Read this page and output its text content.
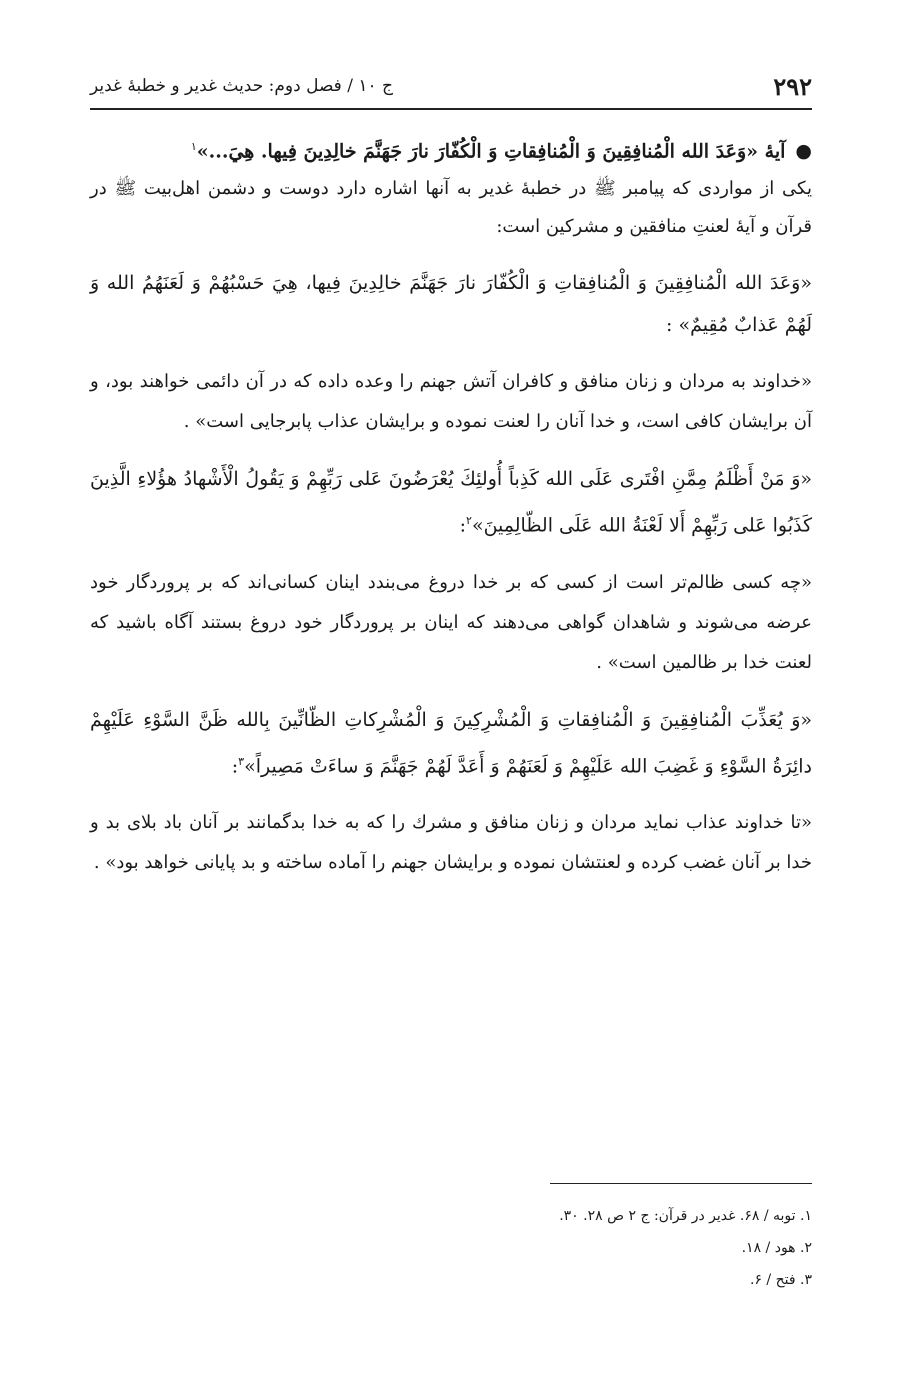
۲۹۲
ج ۱۰ / فصل دوم: حديث غدير و خطبهٔ غدير
●آيهٔ «وَعَدَ الله الْمُنافِقِينَ وَ الْمُنافِقاتِ وَ الْكُفّارَ نارَ جَهَنَّمَ خالِدِينَ فِيها. هِيَ...»$^۱$

يكى از مواردى كه پيامبر ﷺ در خطبهٔ غدير به آنها اشاره دارد دوست و دشمن اهل‌بيت ﷺ در قرآن و آيهٔ لعنتِ منافقين و مشركين است:

«وَعَدَ الله الْمُنافِقِينَ وَ الْمُنافِقاتِ وَ الْكُفّارَ نارَ جَهَنَّمَ خالِدِينَ فِيها، هِيَ حَسْبُهُمْ وَ لَعَنَهُمُ الله وَ لَهُمْ عَذابٌ مُقِيمٌ» :

«خداوند به مردان و زنان منافق و كافران آتش جهنم را وعده داده كه در آن دائمى خواهند بود، و آن برايشان كافى است، و خدا آنان را لعنت نموده و برايشان عذاب پابرجايى است» .

«وَ مَنْ أَظْلَمُ مِمَّنِ افْتَرى عَلَى الله كَذِباً أُولئِكَ يُعْرَضُونَ عَلى رَبِّهِمْ وَ يَقُولُ الْأَشْهادُ هؤُلاءِ الَّذِينَ كَذَبُوا عَلى رَبِّهِمْ أَلا لَعْنَةُ الله عَلَى الظّالِمِينَ»$^۲$:

«چه كسى ظالم‌تر است از كسى كه بر خدا دروغ مى‌بندد اينان كسانى‌اند كه بر پروردگار خود عرضه مى‌شوند و شاهدان گواهى مى‌دهند كه اينان بر پروردگار خود دروغ بستند آگاه باشيد كه لعنت خدا بر ظالمين است» .

«وَ يُعَذِّبَ الْمُنافِقِينَ وَ الْمُنافِقاتِ وَ الْمُشْرِكِينَ وَ الْمُشْرِكاتِ الظّانِّينَ بِالله ظَنَّ السَّوْءِ عَلَيْهِمْ دائِرَةُ السَّوْءِ وَ غَضِبَ الله عَلَيْهِمْ وَ لَعَنَهُمْ وَ أَعَدَّ لَهُمْ جَهَنَّمَ وَ ساءَتْ مَصِيراً»$^۳$:

«تا خداوند عذاب نمايد مردان و زنان منافق و مشرك را كه به خدا بدگمانند بر آنان باد بلاى بد و خدا بر آنان غضب كرده و لعنتشان نموده و برايشان جهنم را آماده ساخته و بد پايانى خواهد بود» .

۱. توبه / ۶۸. غدير در قرآن: ج ۲ ص ۲۸. ۳۰.

۲. هود / ۱۸.

۳. فتح / ۶.
